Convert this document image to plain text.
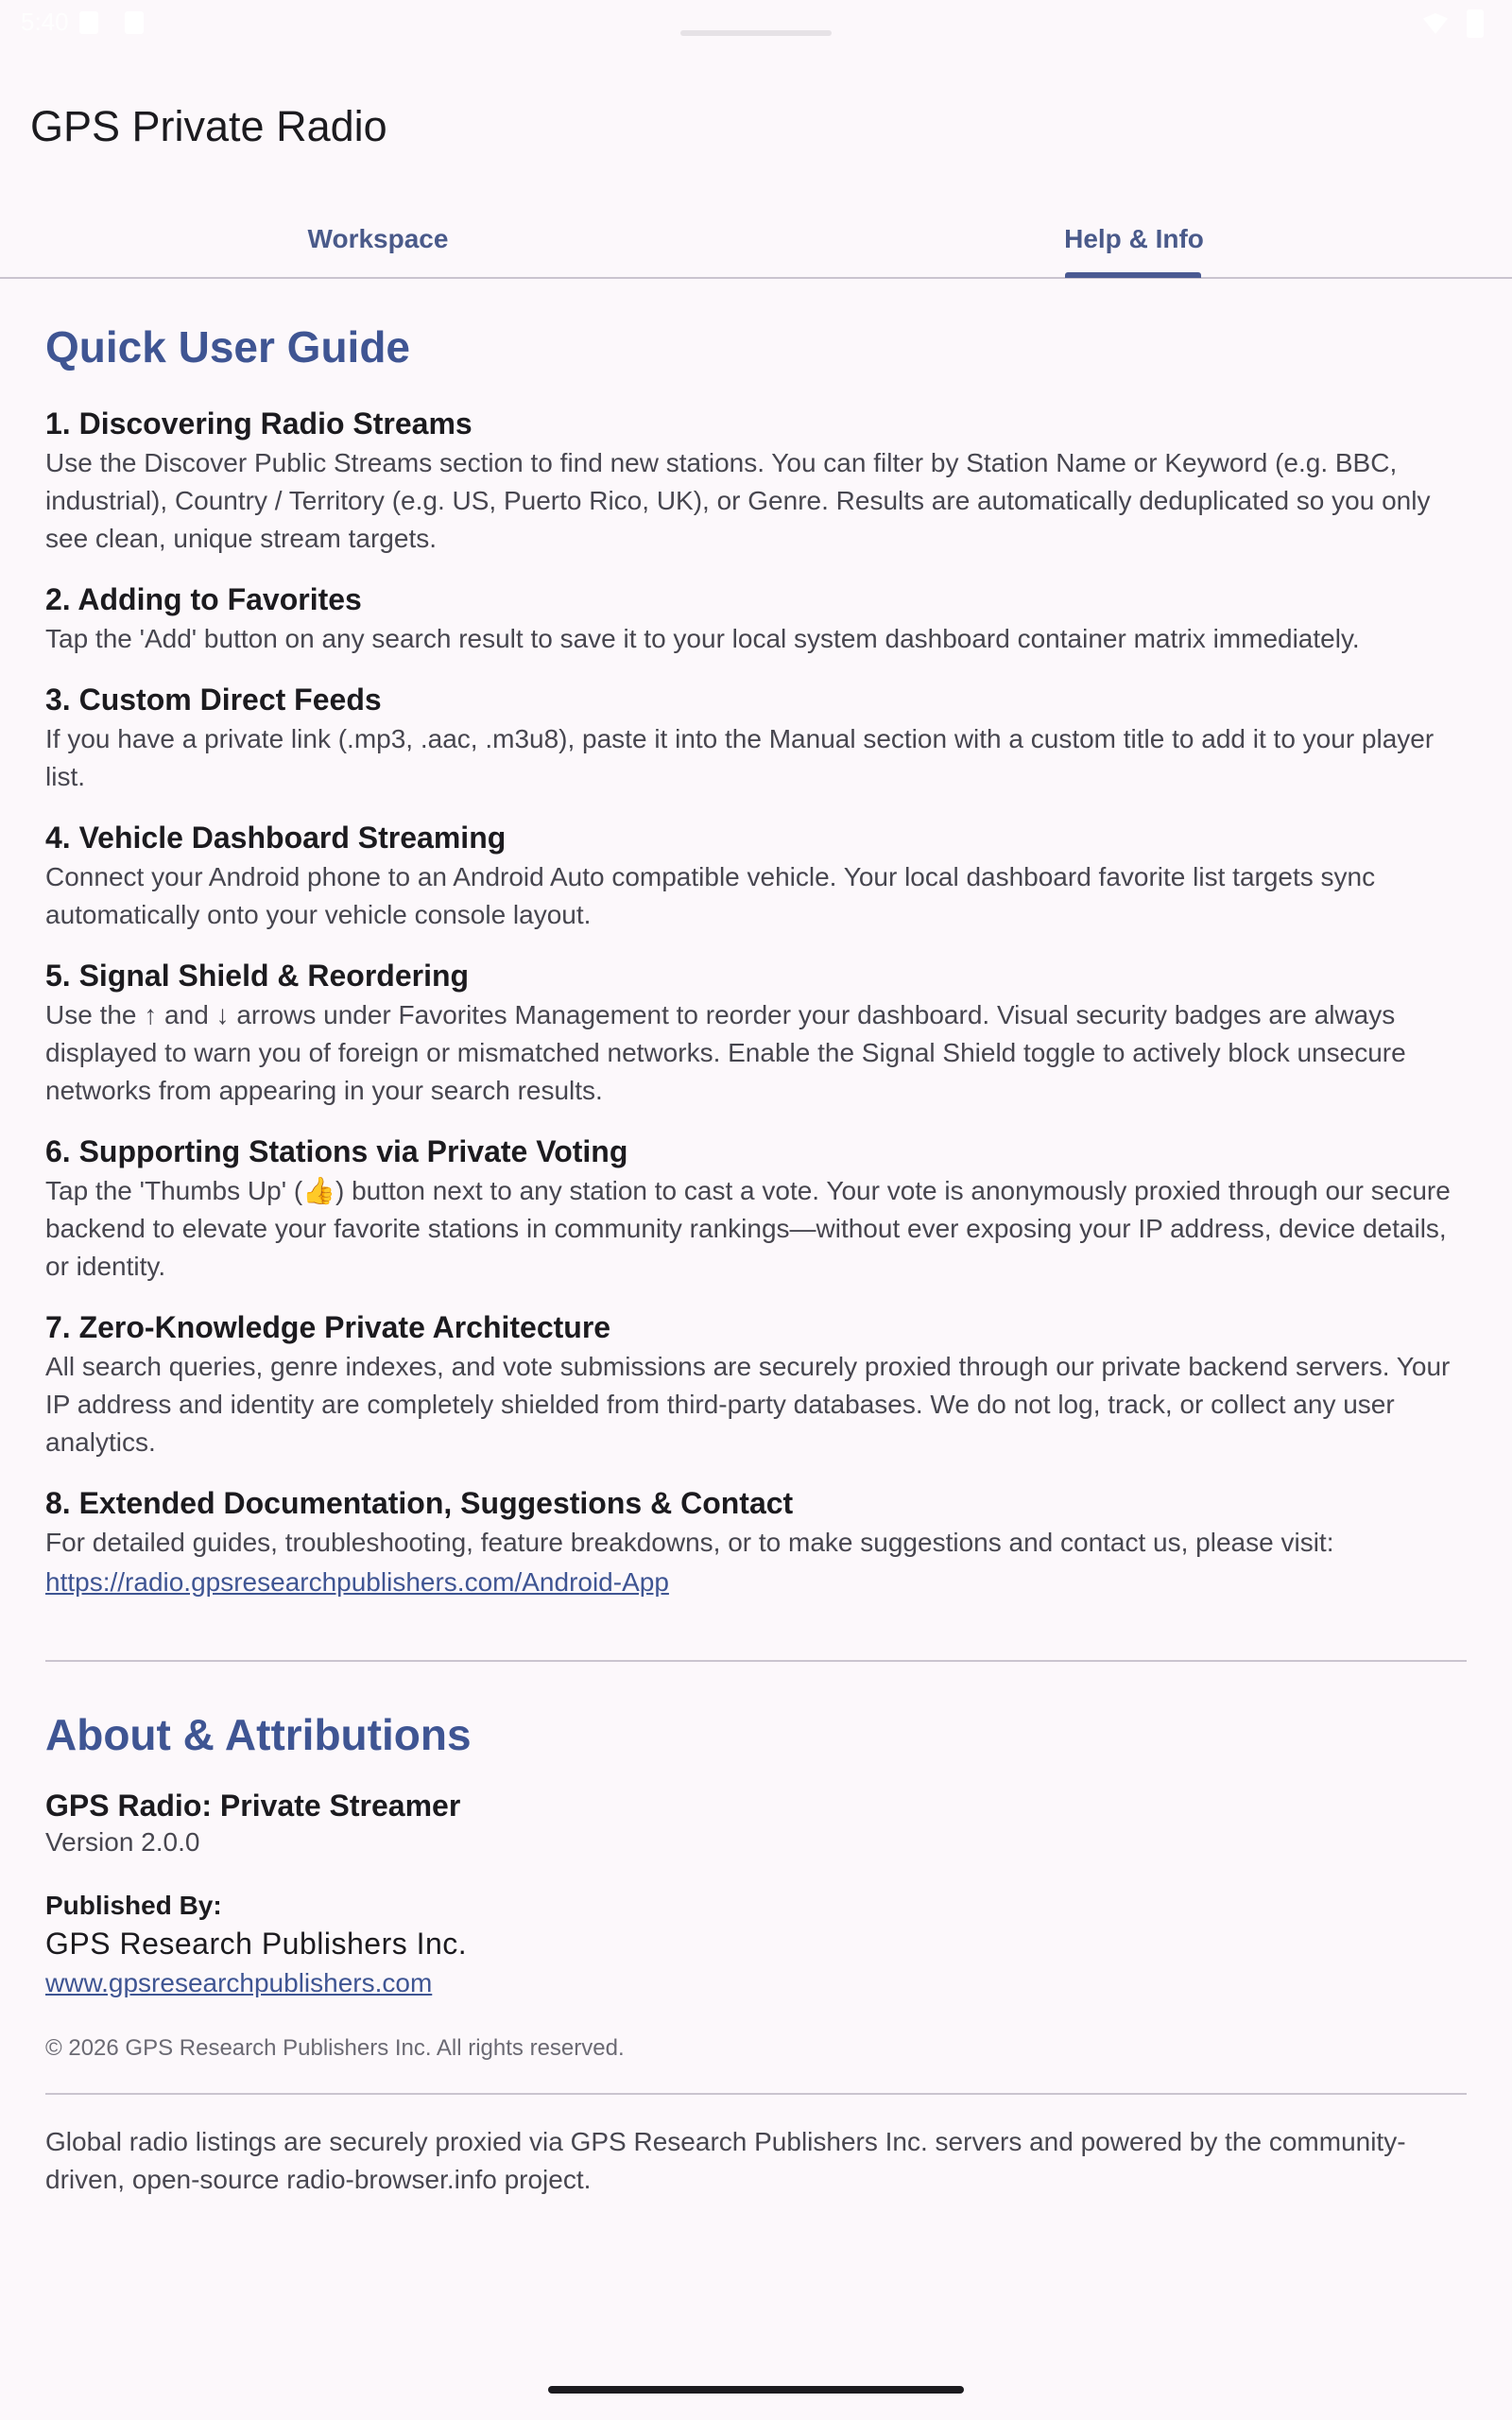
5:40
GPS Private Radio
Workspace	Help & Info
Quick User Guide
1. Discovering Radio Streams
Use the Discover Public Streams section to find new stations. You can filter by Station Name or Keyword (e.g. BBC, industrial), Country / Territory (e.g. US, Puerto Rico, UK), or Genre. Results are automatically deduplicated so you only see clean, unique stream targets.
2. Adding to Favorites
Tap the 'Add' button on any search result to save it to your local system dashboard container matrix immediately.
3. Custom Direct Feeds
If you have a private link (.mp3, .aac, .m3u8), paste it into the Manual section with a custom title to add it to your player list.
4. Vehicle Dashboard Streaming
Connect your Android phone to an Android Auto compatible vehicle. Your local dashboard favorite list targets sync automatically onto your vehicle console layout.
5. Signal Shield & Reordering
Use the ↑ and ↓ arrows under Favorites Management to reorder your dashboard. Visual security badges are always displayed to warn you of foreign or mismatched networks. Enable the Signal Shield toggle to actively block unsecure networks from appearing in your search results.
6. Supporting Stations via Private Voting
Tap the 'Thumbs Up' (👍) button next to any station to cast a vote. Your vote is anonymously proxied through our secure backend to elevate your favorite stations in community rankings—without ever exposing your IP address, device details, or identity.
7. Zero-Knowledge Private Architecture
All search queries, genre indexes, and vote submissions are securely proxied through our private backend servers. Your IP address and identity are completely shielded from third-party databases. We do not log, track, or collect any user analytics.
8. Extended Documentation, Suggestions & Contact
For detailed guides, troubleshooting, feature breakdowns, or to make suggestions and contact us, please visit:
https://radio.gpsresearchpublishers.com/Android-App
About & Attributions
GPS Radio: Private Streamer
Version 2.0.0
Published By:
GPS Research Publishers Inc.
www.gpsresearchpublishers.com
© 2026 GPS Research Publishers Inc. All rights reserved.
Global radio listings are securely proxied via GPS Research Publishers Inc. servers and powered by the community-driven, open-source radio-browser.info project.
